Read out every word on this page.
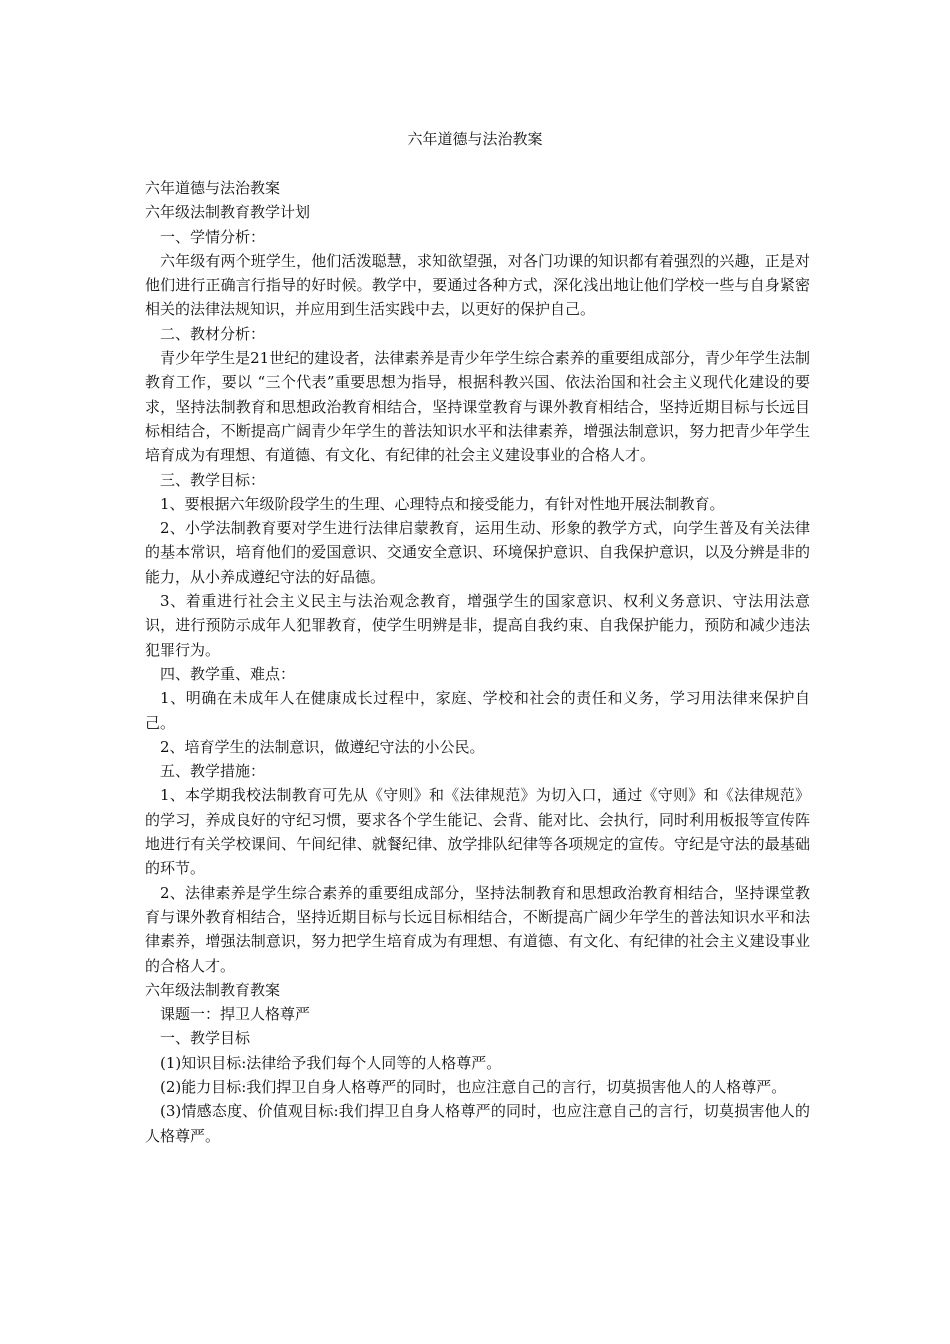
六年道德与法治教案

六年道德与法治教案

六年级法制教育教学计划

一、学情分析：

六年级有两个班学生，他们活泼聪慧，求知欲望强，对各门功课的知识都有着强烈的兴趣，正是对他们进行正确言行指导的好时候。教学中，要通过各种方式，深化浅出地让他们学校一些与自身紧密相关的法律法规知识，并应用到生活实践中去，以更好的保护自己。

二、教材分析：

青少年学生是21世纪的建设者，法律素养是青少年学生综合素养的重要组成部分，青少年学生法制教育工作，要以 “三个代表”重要思想为指导，根据科教兴国、依法治国和社会主义现代化建设的要求，坚持法制教育和思想政治教育相结合，坚持课堂教育与课外教育相结合，坚持近期目标与长远目标相结合，不断提高广阔青少年学生的普法知识水平和法律素养，增强法制意识，努力把青少年学生培育成为有理想、有道德、有文化、有纪律的社会主义建设事业的合格人才。

三、教学目标：

1、要根据六年级阶段学生的生理、心理特点和接受能力，有针对性地开展法制教育。

2、小学法制教育要对学生进行法律启蒙教育，运用生动、形象的教学方式，向学生普及有关法律的基本常识，培育他们的爱国意识、交通安全意识、环境保护意识、自我保护意识，以及分辨是非的能力，从小养成遵纪守法的好品德。

3、着重进行社会主义民主与法治观念教育，增强学生的国家意识、权利义务意识、守法用法意识，进行预防示成年人犯罪教育，使学生明辨是非，提高自我约束、自我保护能力，预防和减少违法犯罪行为。

四、教学重、难点：

1、明确在未成年人在健康成长过程中，家庭、学校和社会的责任和义务，学习用法律来保护自己。

2、培育学生的法制意识，做遵纪守法的小公民。

五、教学措施：

1、本学期我校法制教育可先从《守则》和《法律规范》为切入口，通过《守则》和《法律规范》的学习，养成良好的守纪习惯，要求各个学生能记、会背、能对比、会执行，同时利用板报等宣传阵地进行有关学校课间、午间纪律、就餐纪律、放学排队纪律等各项规定的宣传。守纪是守法的最基础的环节。

2、法律素养是学生综合素养的重要组成部分，坚持法制教育和思想政治教育相结合，坚持课堂教育与课外教育相结合，坚持近期目标与长远目标相结合，不断提高广阔少年学生的普法知识水平和法律素养，增强法制意识，努力把学生培育成为有理想、有道德、有文化、有纪律的社会主义建设事业的合格人才。

六年级法制教育教案

课题一：捍卫人格尊严

一、教学目标

(1)知识目标:法律给予我们每个人同等的人格尊严。

(2)能力目标:我们捍卫自身人格尊严的同时，也应注意自己的言行，切莫损害他人的人格尊严。

(3)情感态度、价值观目标:我们捍卫自身人格尊严的同时，也应注意自己的言行，切莫损害他人的人格尊严。
